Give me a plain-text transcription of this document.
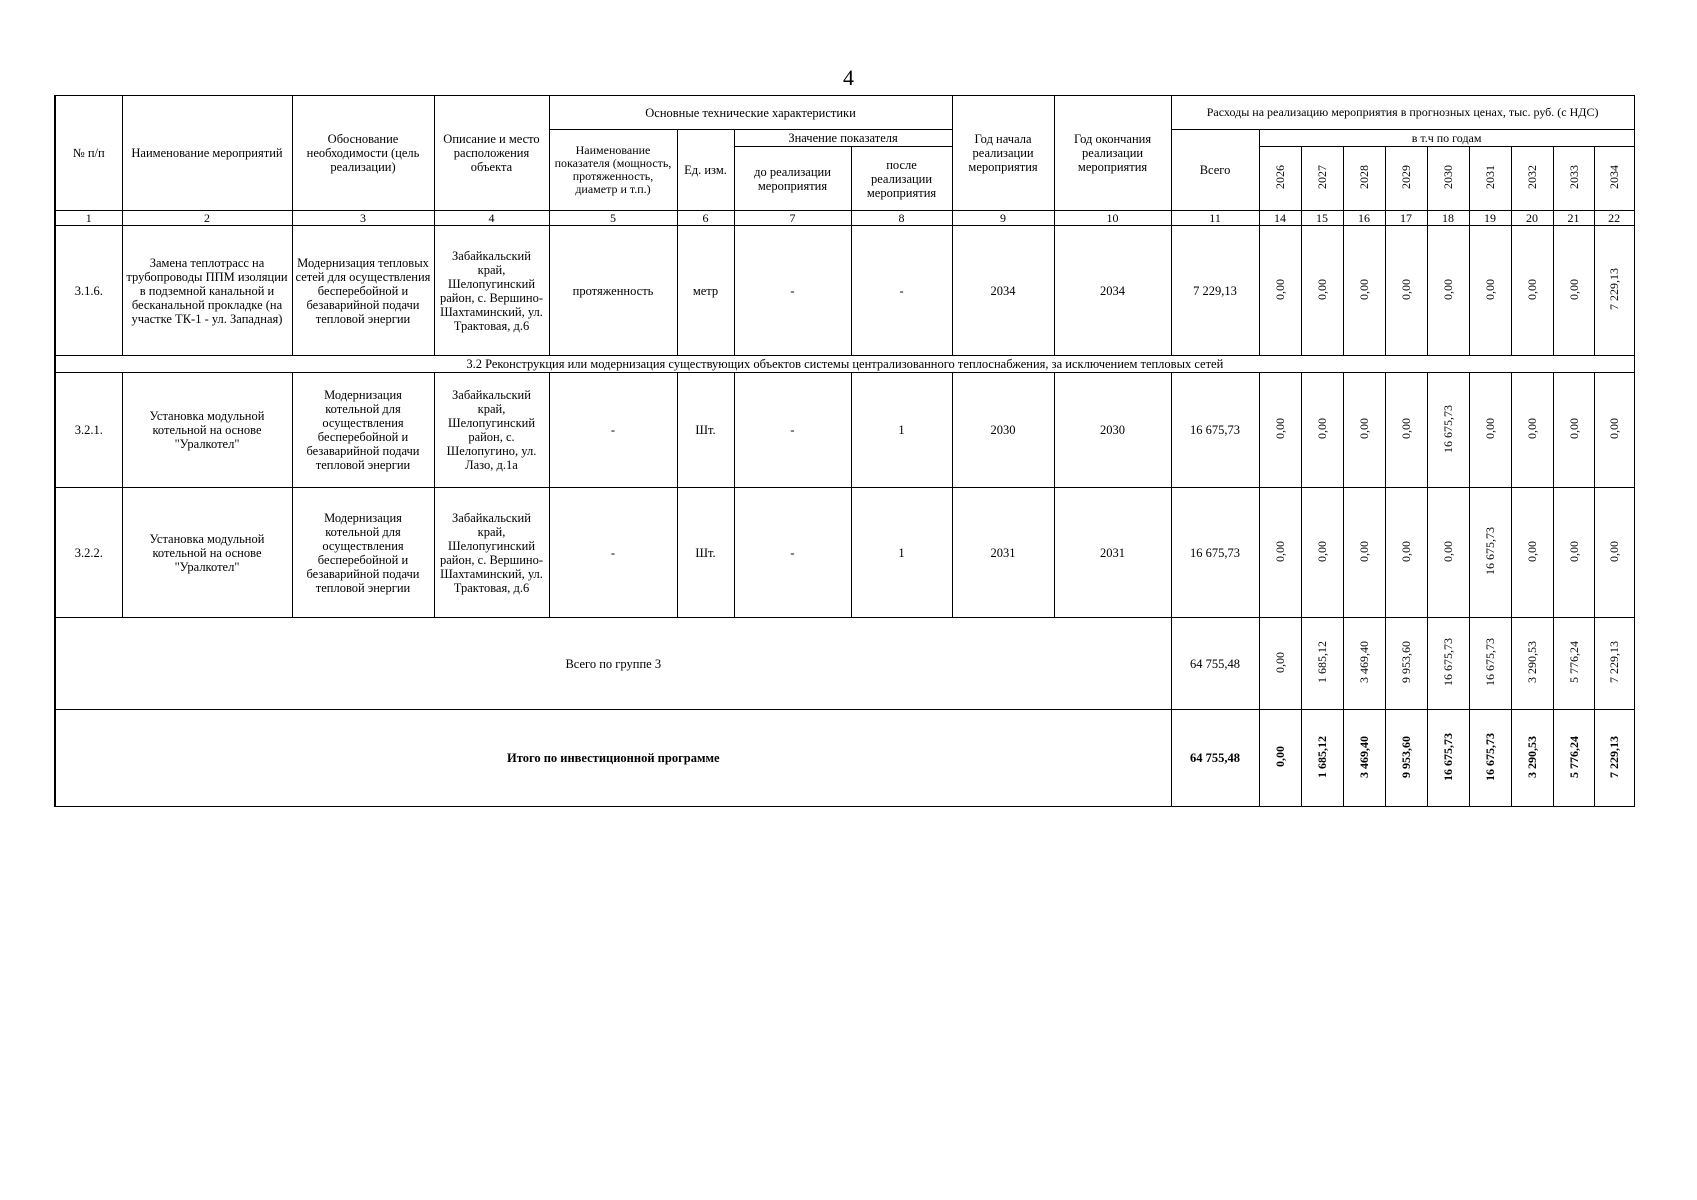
4
№ п/п	Наименование мероприятий	Обоснование необходимости (цель реализации)	Описание и место расположения объекта	Основные технические характеристики				Год начала реализации мероприятия	Год окончания реализации мероприятия	Расходы на реализацию мероприятия в прогнозных ценах, тыс. руб. (с НДС)									
				Наименование показателя (мощность, протяженность, диаметр и т.п.)	Ед. изм.	Значение показателя				Всего	в т.ч по годам								
						до реализации мероприятия	после реализации мероприятия				2026	2027	2028	2029	2030	2031	2032	2033	2034

1	2	3	4	5	6	7	8	9	10	11	14	15	16	17	18	19	20	21	22
3.1.6.	Замена теплотрасс на трубопроводы ППМ изоляции в подземной канальной и бесканальной прокладке (на участке ТК-1 - ул. Западная)	Модернизация тепловых сетей для осуществления бесперебойной и безаварийной подачи тепловой энергии	Забайкальский край, Шелопугинский район, с. Вершино-Шахтаминский, ул. Трактовая, д.6	протяженность	метр	-	-	2034	2034	7 229,13	0,00	0,00	0,00	0,00	0,00	0,00	0,00	0,00	7 229,13
3.2 Реконструкция или модернизация существующих объектов системы централизованного теплоснабжения, за исключением тепловых сетей																			
3.2.1.	Установка модульной котельной на основе "Уралкотел"	Модернизация котельной для осуществления бесперебойной и безаварийной подачи тепловой энергии	Забайкальский край, Шелопугинский район, с. Шелопугино, ул. Лазо, д.1а	-	Шт.	-	1	2030	2030	16 675,73	0,00	0,00	0,00	0,00	16 675,73	0,00	0,00	0,00	0,00
3.2.2.	Установка модульной котельной на основе "Уралкотел"	Модернизация котельной для осуществления бесперебойной и безаварийной подачи тепловой энергии	Забайкальский край, Шелопугинский район, с. Вершино-Шахтаминский, ул. Трактовая, д.6	-	Шт.	-	1	2031	2031	16 675,73	0,00	0,00	0,00	0,00	0,00	16 675,73	0,00	0,00	0,00
Всего по группе 3										64 755,48	0,00	1 685,12	3 469,40	9 953,60	16 675,73	16 675,73	3 290,53	5 776,24	7 229,13
Итого по инвестиционной программе										64 755,48	0,00	1 685,12	3 469,40	9 953,60	16 675,73	16 675,73	3 290,53	5 776,24	7 229,13
